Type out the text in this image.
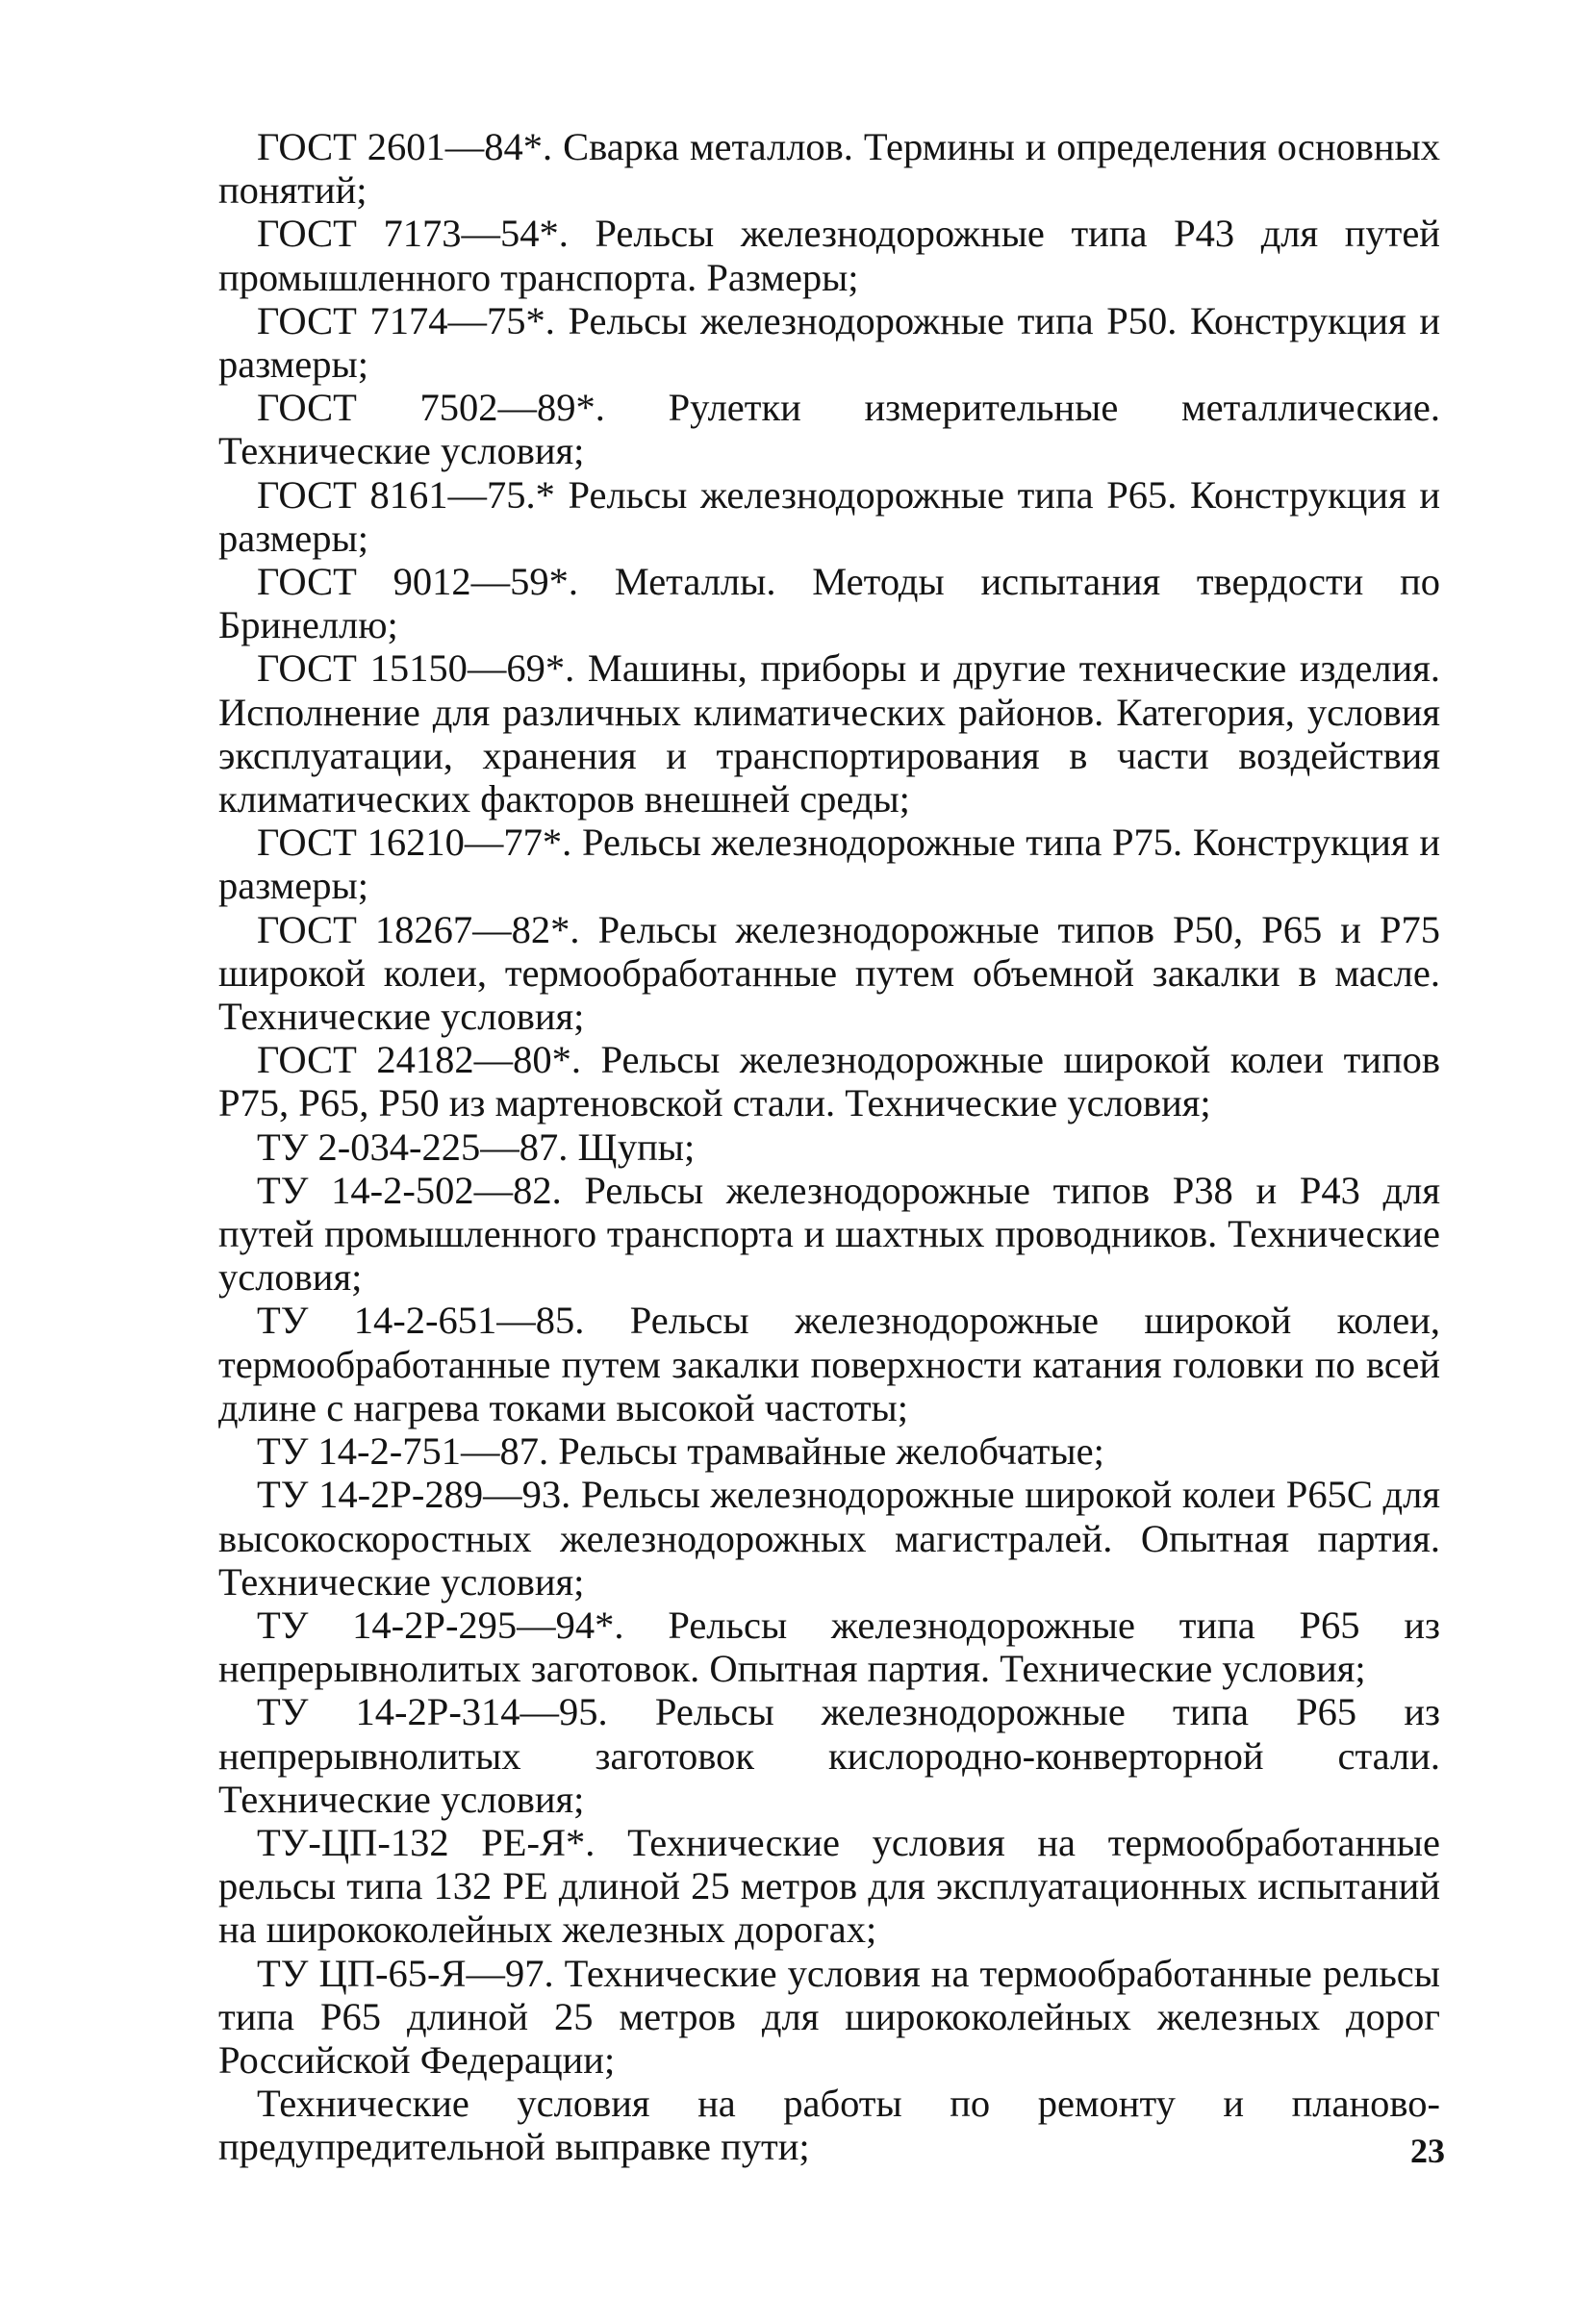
ГОСТ 2601—84*. Сварка металлов. Термины и определения основных понятий;

ГОСТ 7173—54*. Рельсы железнодорожные типа Р43 для путей промышленного транспорта. Размеры;

ГОСТ 7174—75*. Рельсы железнодорожные типа Р50. Конструкция и размеры;

ГОСТ 7502—89*. Рулетки измерительные металлические. Технические условия;

ГОСТ 8161—75.* Рельсы железнодорожные типа Р65. Конструкция и размеры;

ГОСТ 9012—59*. Металлы. Методы испытания твердости по Бринеллю;

ГОСТ 15150—69*. Машины, приборы и другие технические изделия. Исполнение для различных климатических районов. Категория, условия эксплуатации, хранения и транспортирования в части воздействия климатических факторов внешней среды;

ГОСТ 16210—77*. Рельсы железнодорожные типа Р75. Конструкция и размеры;

ГОСТ 18267—82*. Рельсы железнодорожные типов Р50, Р65 и Р75 широкой колеи, термообработанные путем объемной закалки в масле. Технические условия;

ГОСТ 24182—80*. Рельсы железнодорожные широкой колеи типов Р75, Р65, Р50 из мартеновской стали. Технические условия;

ТУ 2-034-225—87. Щупы;

ТУ 14-2-502—82. Рельсы железнодорожные типов Р38 и Р43 для путей промышленного транспорта и шахтных проводников. Технические условия;

ТУ 14-2-651—85. Рельсы железнодорожные широкой колеи, термообработанные путем закалки поверхности катания головки по всей длине с нагрева токами высокой частоты;

ТУ 14-2-751—87. Рельсы трамвайные желобчатые;

ТУ 14-2Р-289—93. Рельсы железнодорожные широкой колеи Р65С для высокоскоростных железнодорожных магистралей. Опытная партия. Технические условия;

ТУ 14-2Р-295—94*. Рельсы железнодорожные типа Р65 из непрерывнолитых заготовок. Опытная партия. Технические условия;

ТУ 14-2Р-314—95. Рельсы железнодорожные типа Р65 из непрерывнолитых заготовок кислородно-конверторной стали. Технические условия;

ТУ-ЦП-132 РЕ-Я*. Технические условия на термообработанные рельсы типа 132 РЕ длиной 25 метров для эксплуатационных испытаний на ширококолейных железных дорогах;

ТУ ЦП-65-Я—97. Технические условия на термообработанные рельсы типа Р65 длиной 25 метров для ширококолейных железных дорог Российской Федерации;

Технические условия на работы по ремонту и планово-предупредительной выправке пути;	23
